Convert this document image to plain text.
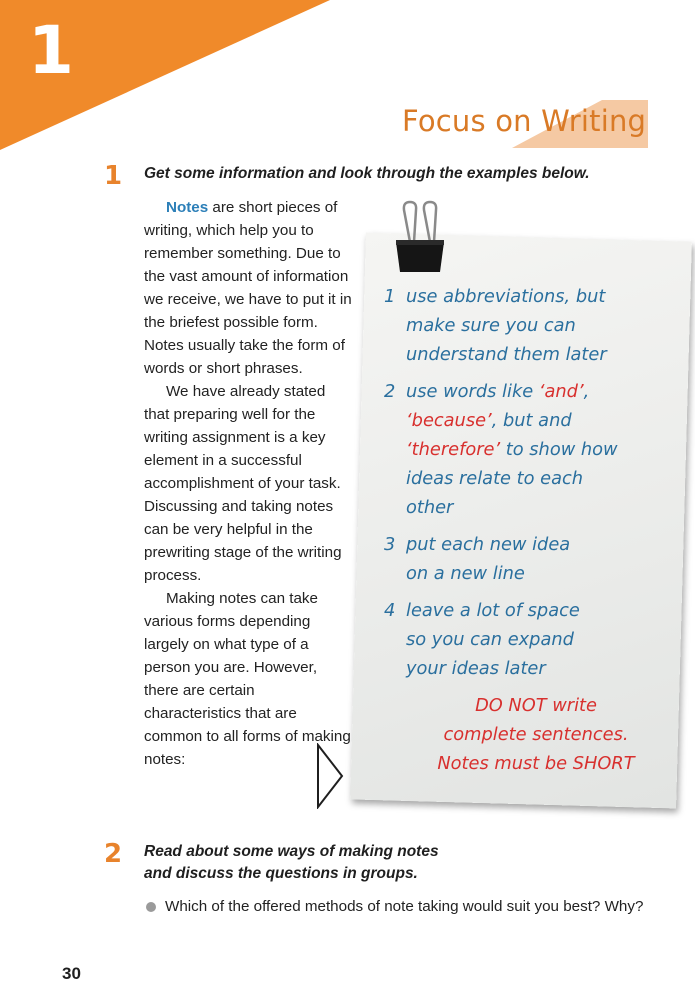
1
Focus on Writing
1 Get some information and look through the examples below.

Notes are short pieces of writing, which help you to remember something. Due to the vast amount of information we receive, we have to put it in the briefest possible form. Notes usually take the form of words or short phrases.

We have already stated that preparing well for the writing assignment is a key element in a successful accomplishment of your task. Discussing and taking notes can be very helpful in the prewriting stage of the writing process.

Making notes can take various forms depending largely on what type of a person you are. However, there are certain characteristics that are common to all forms of making notes:

1 use abbreviations, but
make sure you can
understand them later
2 use words like ‘and’,
‘because’, but and
‘therefore’ to show how
ideas relate to each
other
3 put each new idea
on a new line
4 leave a lot of space
so you can expand
your ideas later
DO NOT write
complete sentences.
Notes must be SHORT
2 Read about some ways of making notes
and discuss the questions in groups.
Which of the offered methods of note taking would suit you best? Why?
30
